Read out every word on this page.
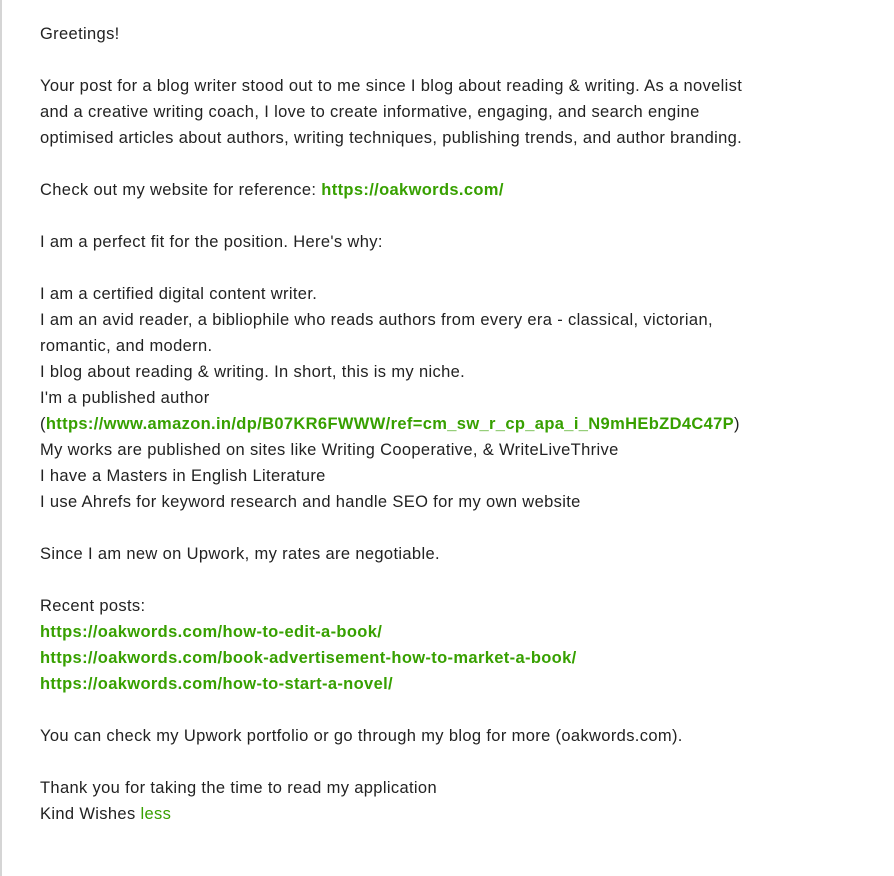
Greetings!

Your post for a blog writer stood out to me since I blog about reading & writing. As a novelist

and a creative writing coach, I love to create informative, engaging, and search engine

optimised articles about authors, writing techniques, publishing trends, and author branding.

Check out my website for reference: https://oakwords.com/

I am a perfect fit for the position. Here's why:

I am a certified digital content writer.

I am an avid reader, a bibliophile who reads authors from every era - classical, victorian,

romantic, and modern.

I blog about reading & writing. In short, this is my niche.

I'm a published author

(https://www.amazon.in/dp/B07KR6FWWW/ref=cm_sw_r_cp_apa_i_N9mHEbZD4C47P)

My works are published on sites like Writing Cooperative, & WriteLiveThrive

I have a Masters in English Literature

I use Ahrefs for keyword research and handle SEO for my own website

Since I am new on Upwork, my rates are negotiable.

Recent posts:

https://oakwords.com/how-to-edit-a-book/

https://oakwords.com/book-advertisement-how-to-market-a-book/

https://oakwords.com/how-to-start-a-novel/

You can check my Upwork portfolio or go through my blog for more (oakwords.com).

Thank you for taking the time to read my application

Kind Wishes less
